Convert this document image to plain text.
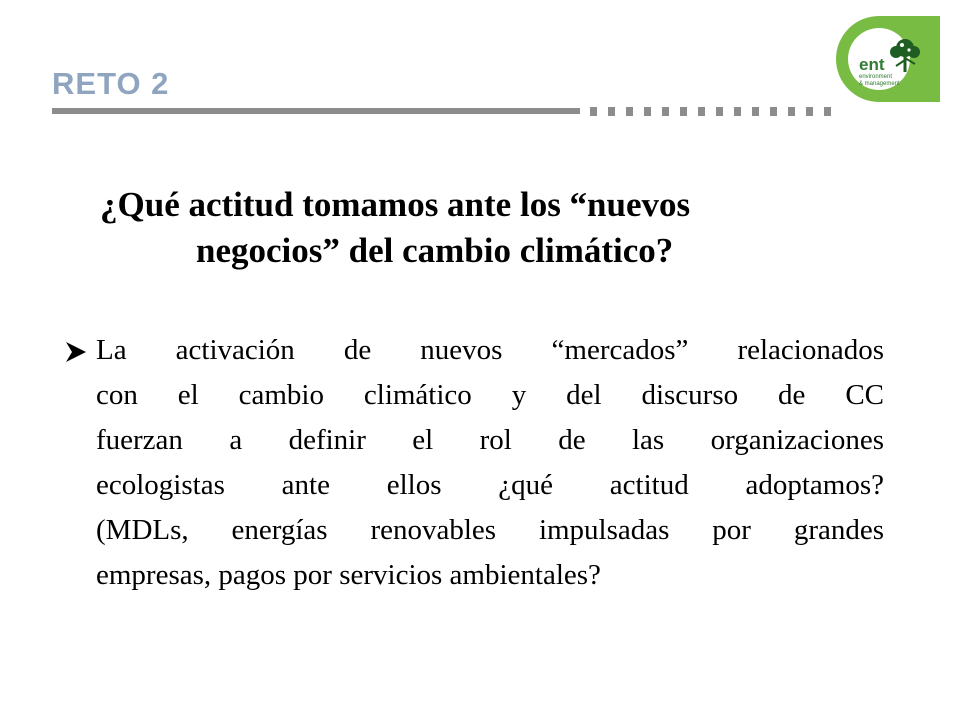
RETO 2
ent
environment
& management
¿Qué actitud tomamos ante los “nuevos
negocios” del cambio climático?
La activación de nuevos “mercados” relacionados
con el cambio climático y del discurso de CC
fuerzan a definir el rol de las organizaciones
ecologistas ante ellos ¿qué actitud adoptamos?
(MDLs, energías renovables impulsadas por grandes
empresas, pagos por servicios ambientales?
